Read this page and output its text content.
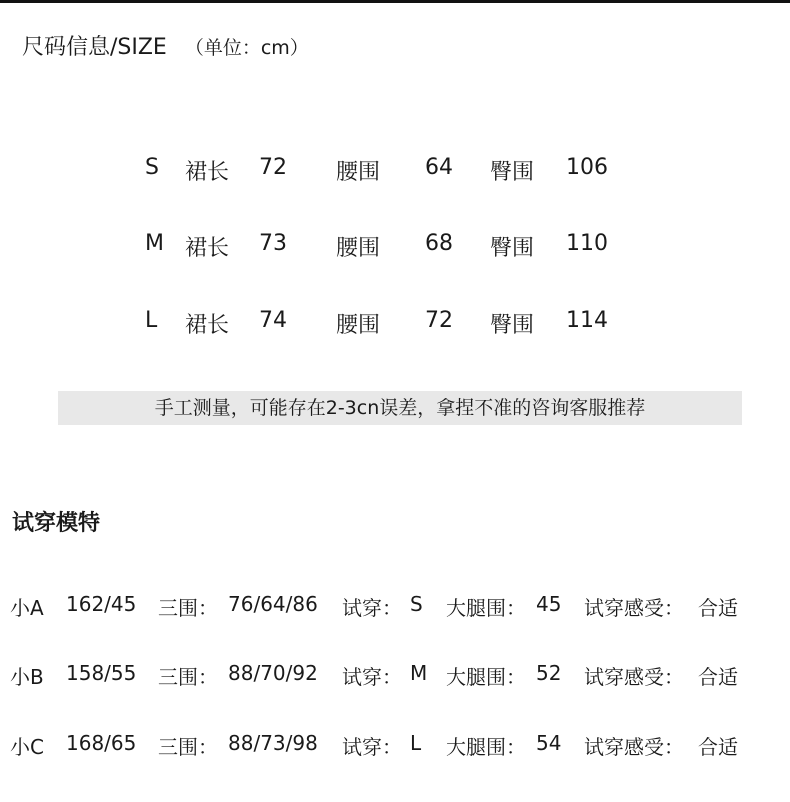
尺码信息/SIZE （单位：cm）
S 裙长 72 腰围 64 臀围 106
M 裙长 73 腰围 68 臀围 110
L 裙长 74 腰围 72 臀围 114
手工测量，可能存在2-3cn误差，拿捏不准的咨询客服推荐
试穿模特
小A 162/45 三围： 76/64/86 试穿： S 大腿围： 45 试穿感受： 合适
小B 158/55 三围： 88/70/92 试穿： M 大腿围： 52 试穿感受： 合适
小C 168/65 三围： 88/73/98 试穿： L 大腿围： 54 试穿感受： 合适
